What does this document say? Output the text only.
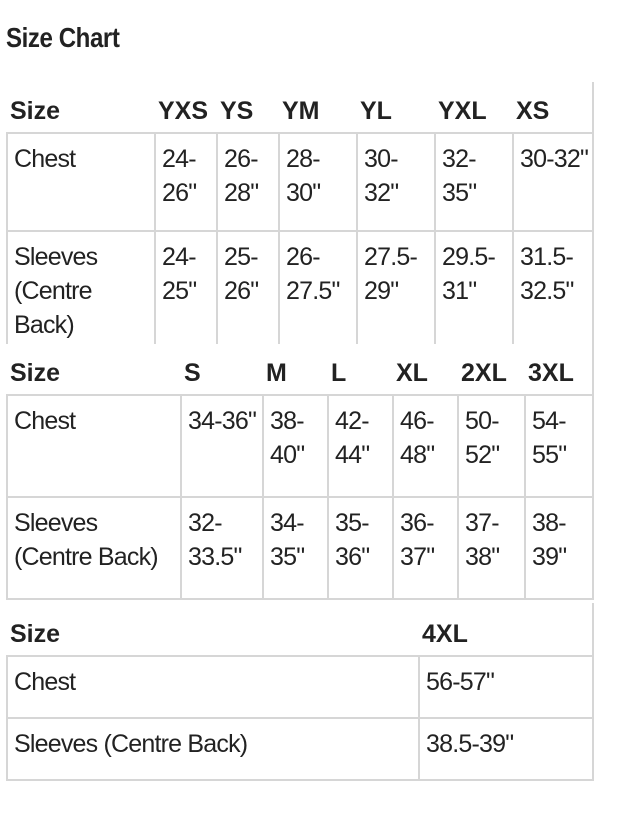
Size Chart
Size	YXS	YS	YM	YL	YXL	XS
Chest	24-26"	26-28"	28-30"	30-32"	32-35"	30-32"
Sleeves (Centre Back)	24-25"	25-26"	26-27.5"	27.5-29"	29.5-31"	31.5-32.5"
Size	S	M	L	XL	2XL	3XL
Chest	34-36"	38-40"	42-44"	46-48"	50-52"	54-55"
Sleeves (Centre Back)	32-33.5"	34-35"	35-36"	36-37"	37-38"	38-39"
Size	4XL
Chest	56-57"
Sleeves (Centre Back)	38.5-39"
